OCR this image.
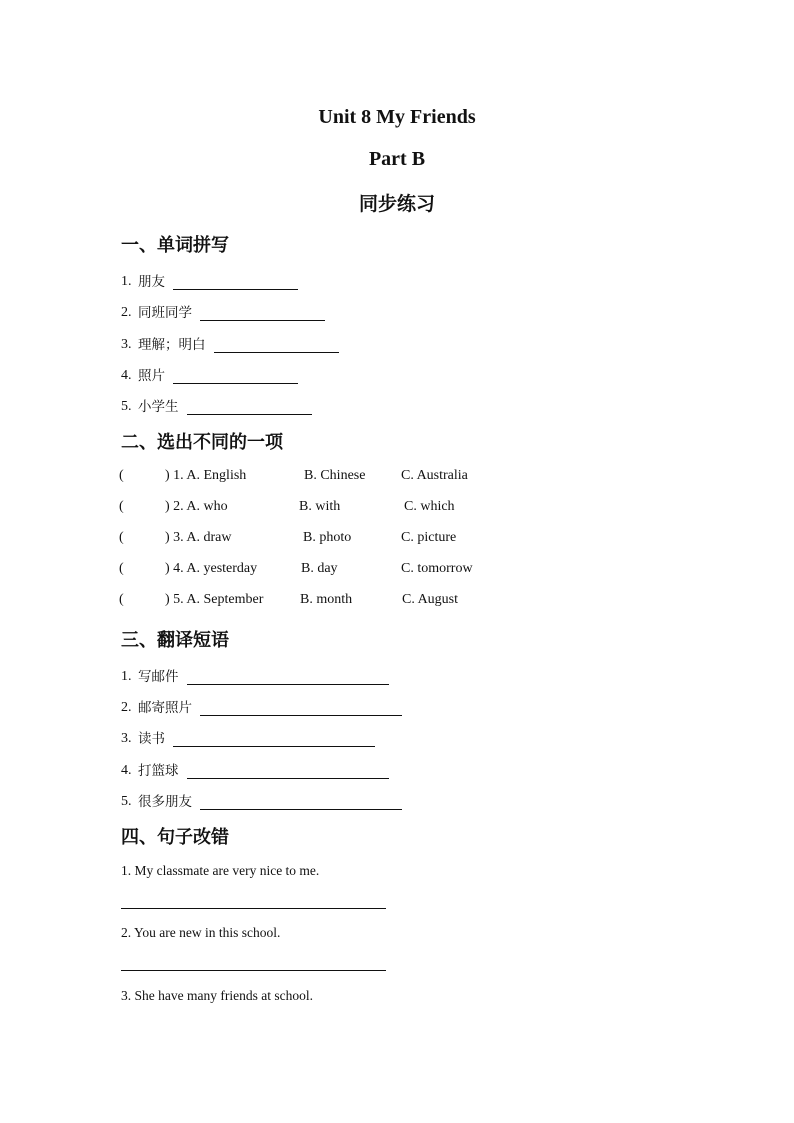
Unit 8 My Friends
Part B
同步练习
一、单词拼写
1. 朋友
2. 同班同学
3. 理解；明白
4. 照片
5. 小学生
二、选出不同的一项
(	) 1. A. English	B. Chinese	C. Australia
(	) 2. A. who	B. with	C. which
(	) 3. A. draw	B. photo	C. picture
(	) 4. A. yesterday	B. day	C. tomorrow
(	) 5. A. September	B. month	C. August
三、翻译短语
1. 写邮件
2. 邮寄照片
3. 读书
4. 打篮球
5. 很多朋友
四、句子改错
1. My classmate are very nice to me.
2. You are new in this school.
3. She have many friends at school.
